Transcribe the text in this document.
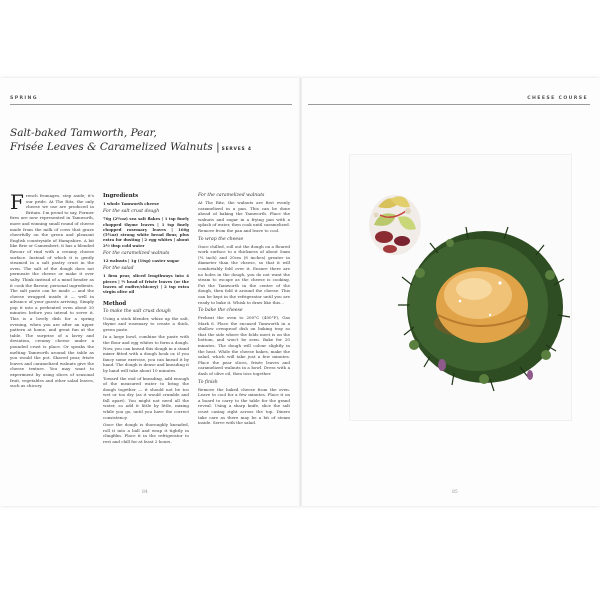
SPRING
Salt-baked Tamworth, Pear,
Frisée Leaves & Caramelized Walnuts | SERVES 4
French fromages, step aside; it's our pride. At The Ritz, the only cheese we use are produced in Britain. I'm proud to say, Former fires are now represented in Tamworth, more and winning small round of cheese made from the milk of cows that graze cheerfully on the green and pleasant English countryside of Hampshire. A bit like Brie or Camembert, it has a blended flavour of rind with a creamy cheese surface. Instead of which it is gently steamed in a salt pastry crust in the oven. The salt of the dough does not permeate the cheese or make it over salty. Think instead of a mind bender as it cook the flavour, personal ingredients. The salt paste can be made — and the cheese wrapped inside it — well in advance of your guests arriving. Simply pop it into a preheated oven about 20 minutes before you intend to serve it. This is a lovely dish for a spring evening, when you are after an upper pattern at home, and great fun at the table. The surprise of a lavey and deviation, creamy cheese under a pounded crust is place. Or speaks the melting Tamworth around the table as you would the pot. Shaved pear, frisée leaves and caramelized walnuts give the cheese texture. You may want to experiment by using slices of seasonal fruit, vegetables and other salad leaves, such as chicory.

Ingredients

1 whole Tamworth cheese

For the salt crust dough

70g (2½oz) sea salt flakes | 1 tsp finely chopped thyme leaves | 1 tsp finely chopped rosemary leaves | 160g (5¾oz) strong white bread flour, plus extra for dusting | 2 egg whites | about 2½ tbsp cold water

For the caramelized walnuts

12 walnuts | 1g (1tsp) caster sugar

For the salad

1 firm pear, sliced lengthways into 4 pieces | ½ head of frisée leaves (or the leaves of endive/chicory) | 2 tsp extra virgin olive oil

Method

To make the salt crust dough

Using a stick blender, whizz up the salt, thyme and rosemary to create a thick, green paste.

In a large bowl, combine the paste with the flour and egg whites to form a dough. Now, you can knead this dough in a stand mixer fitted with a dough hook or, if you fancy some exercise, you can knead it by hand. The dough is dense and kneading it by hand will take about 10 minutes.

Toward the end of kneading, add enough of the measured water to bring the dough together — it should not be too wet or too dry (as it would crumble and fall apart). You might not need all the water, so add it little by little, mixing while you go, until you have the correct consistency.

Once the dough is thoroughly kneaded, roll it into a ball and wrap it tightly in clingfilm. Place it in the refrigerator to rest and chill for at least 2 hours.

For the caramelized walnuts

At The Ritz, the walnuts are first evenly caramelized in a pan. This can be done ahead of baking the Tamworth. Place the walnuts and sugar in a frying pan with a splash of water, then cook until caramelized. Remove from the pan and leave to cool.

To wrap the cheese

Once chilled, roll out the dough on a floured work surface to a thickness of about 5mm (¼ inch) and 20cm (8 inches) greater in diameter than the cheese, so that it will comfortably fold over it. Ensure there are no holes in the dough, you do not want the steam to escape as the cheese is cooking. Put the Tamworth in the centre of the dough, then fold it around the cheese. This can be kept in the refrigerator until you are ready to bake it. Whisk to draw like this...

To bake the cheese

Preheat the oven to 200°C (400°F), Gas Mark 6. Place the encased Tamworth in a shallow ovenproof dish on baking tray so that the side where the folds meet is on the bottom, and won't be seen. Bake for 20 minutes. The dough will colour slightly in the heat. While the cheese bakes, make the salad, which will take just a few minutes. Place the pear slices, frisée leaves and caramelized walnuts in a bowl. Dress with a dash of olive oil, then toss together.

To finish

Remove the baked cheese from the oven. Leave to cool for a few minutes. Place it on a board to carry to the table for the grand reveal. Using a sharp knife, slice the salt crust casing right across the top. Diners take care as there may be a bit of steam inside. Serve with the salad.

84
CHEESE COURSE
85
